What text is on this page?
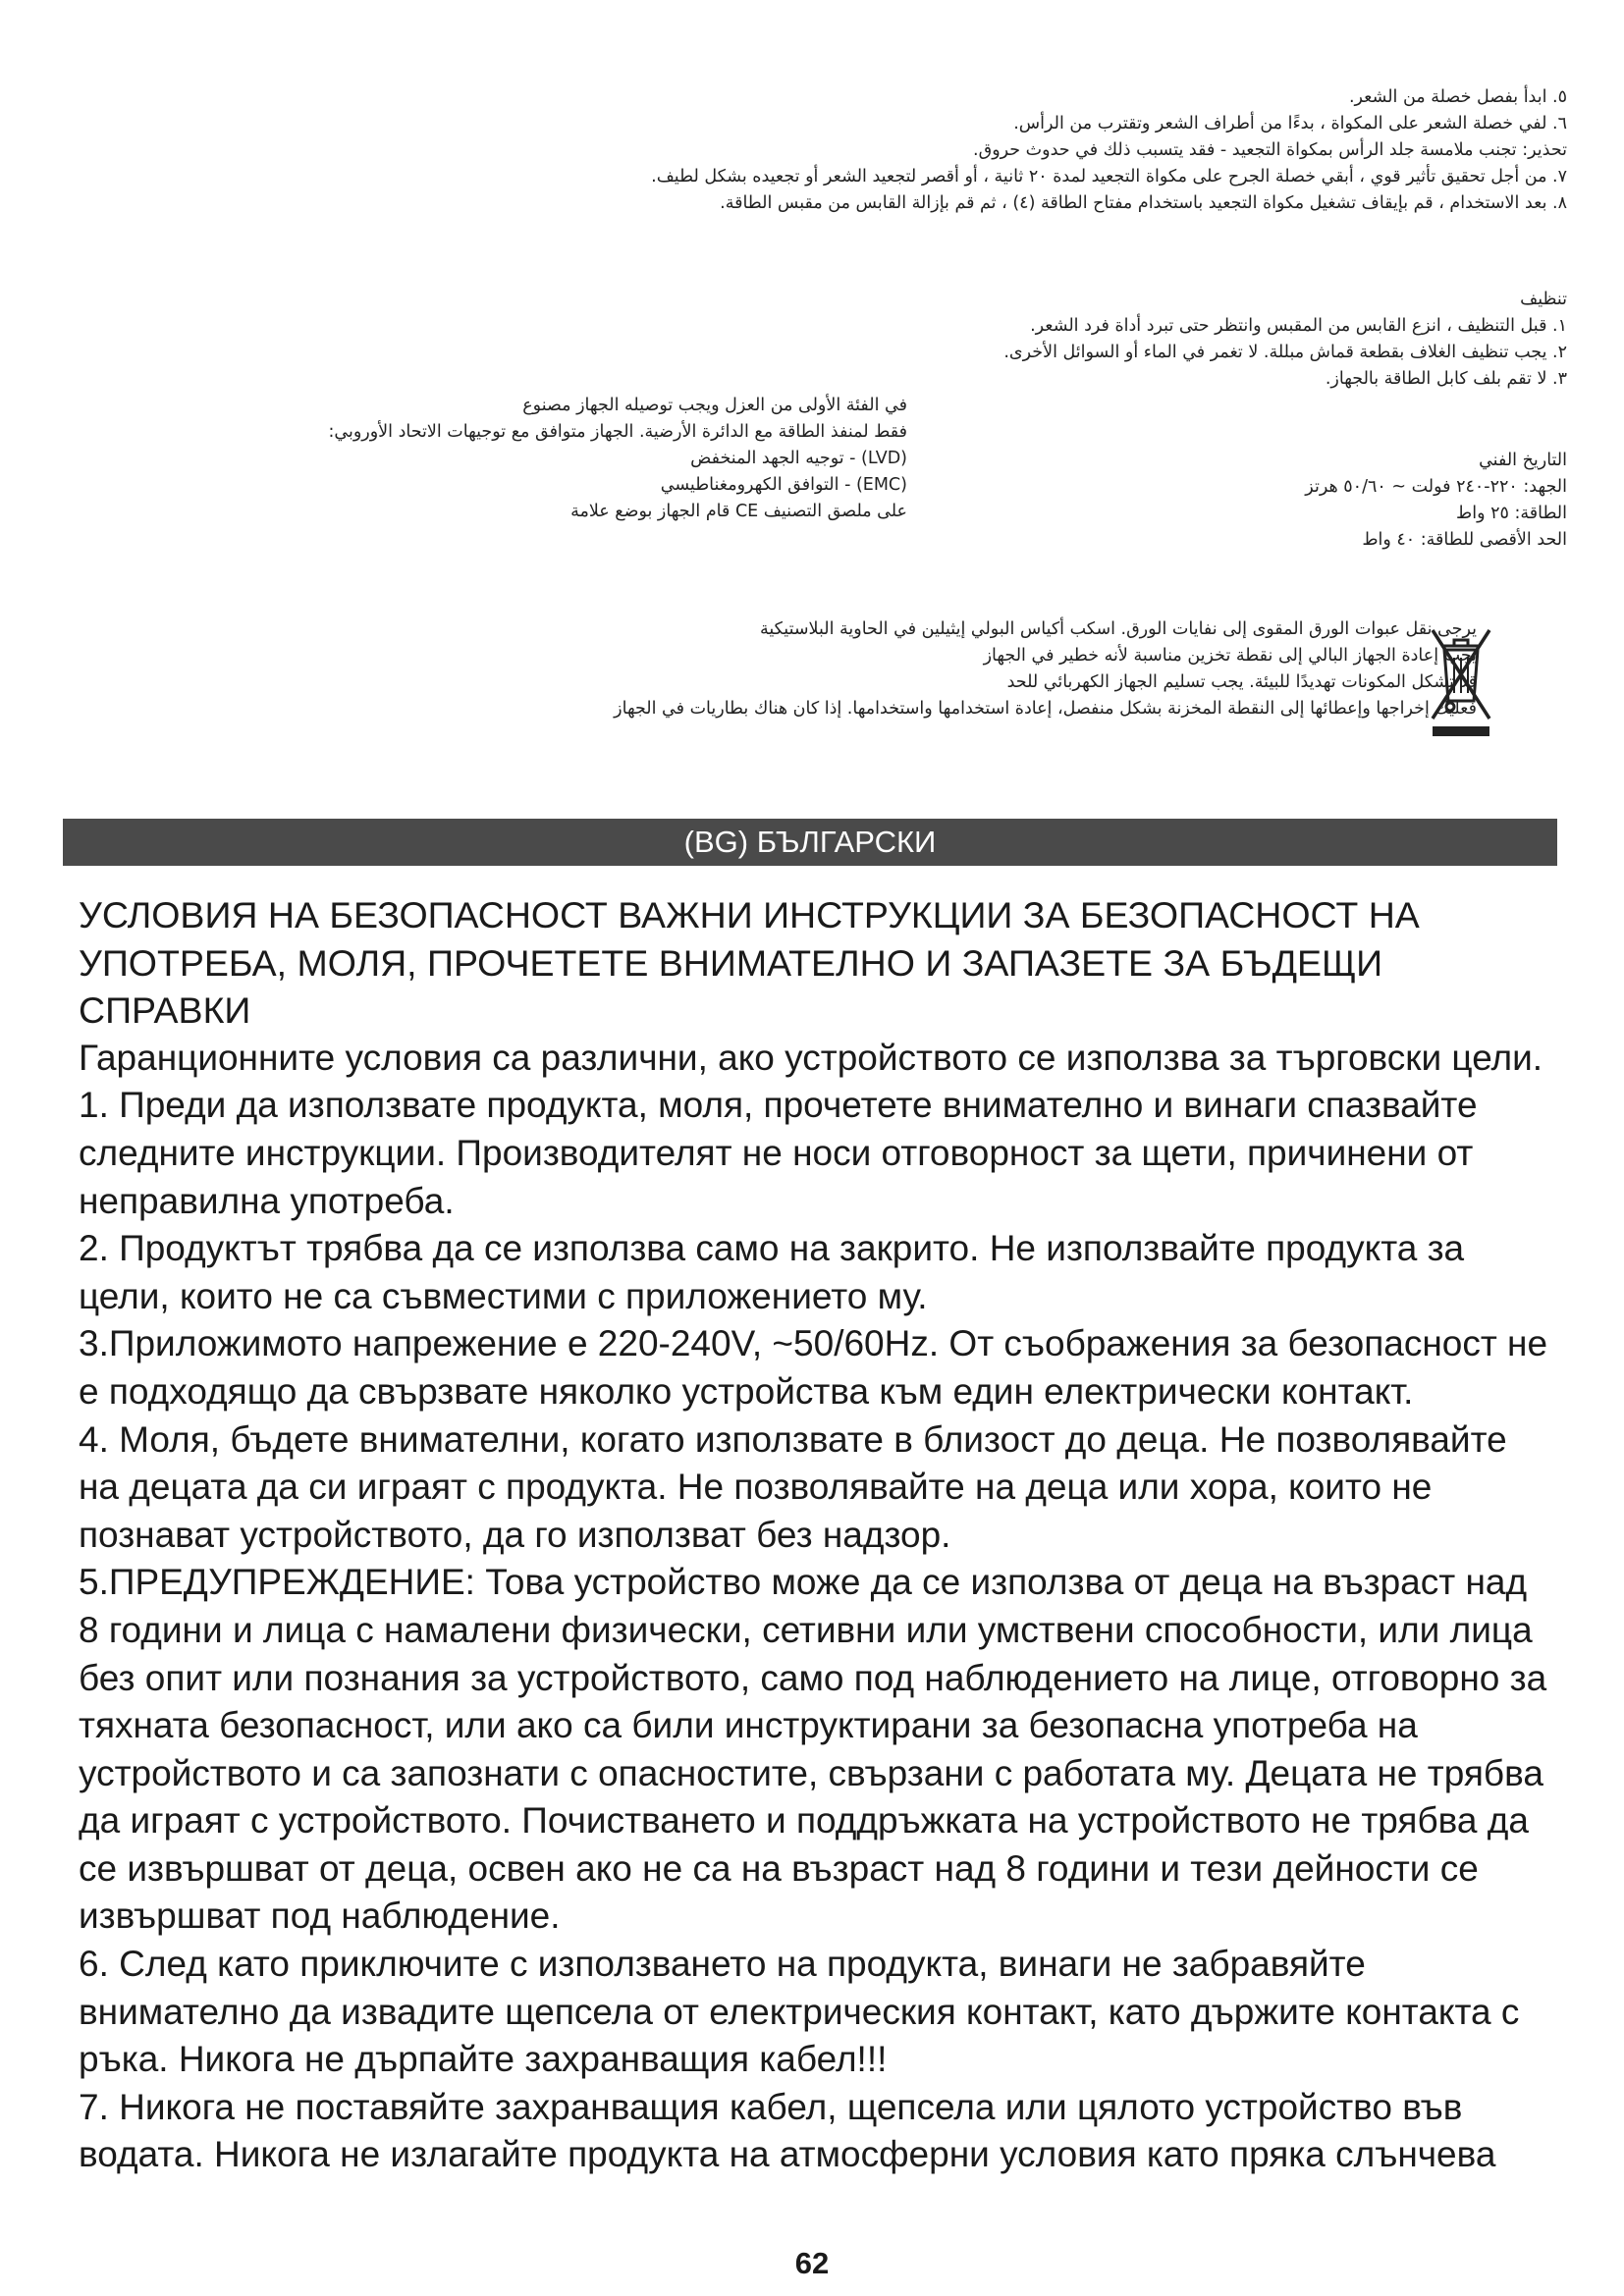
٥. ابدأ بفصل خصلة من الشعر.
٦. لفي خصلة الشعر على المكواة ، بدءًا من أطراف الشعر وتقترب من الرأس.
تحذير: تجنب ملامسة جلد الرأس بمكواة التجعيد - فقد يتسبب ذلك في حدوث حروق.
٧. من أجل تحقيق تأثير قوي ، أبقي خصلة الجرح على مكواة التجعيد لمدة ٢٠ ثانية ، أو أقصر لتجعيد الشعر أو تجعيده بشكل لطيف.
٨. بعد الاستخدام ، قم بإيقاف تشغيل مكواة التجعيد باستخدام مفتاح الطاقة (٤) ، ثم قم بإزالة القابس من مقبس الطاقة.
تنظيف
١. قبل التنظيف ، انزع القابس من المقبس وانتظر حتى تبرد أداة فرد الشعر.
٢. يجب تنظيف الغلاف بقطعة قماش مبللة. لا تغمر في الماء أو السوائل الأخرى.
٣. لا تقم بلف كابل الطاقة بالجهاز.
التاريخ الفني
الجهد: ٢٢٠-٢٤٠ فولت ~ ٥٠/٦٠ هرتز
الطاقة: ٢٥ واط
الحد الأقصى للطاقة: ٤٠ واط
في الفئة الأولى من العزل ويجب توصيله الجهاز مصنوع
فقط لمنفذ الطاقة مع الدائرة الأرضية. الجهاز متوافق مع توجيهات الاتحاد الأوروبي:
(LVD) - توجيه الجهد المنخفض
(EMC) - التوافق الكهرومغناطيسي
على ملصق التصنيف CE قام الجهاز بوضع علامة
يرجى نقل عبوات الورق المقوى إلى نفايات الورق. اسكب أكياس البولي إيثيلين في الحاوية البلاستيكية
يجب إعادة الجهاز البالي إلى نقطة تخزين مناسبة لأنه خطير في الجهاز
قد تشكل المكونات تهديدًا للبيئة. يجب تسليم الجهاز الكهربائي للحد
فعليك إخراجها وإعطائها إلى النقطة المخزنة بشكل منفصل، إعادة استخدامها واستخدامها. إذا كان هناك بطاريات في الجهاز
(BG) БЪЛГАРСКИ

УСЛОВИЯ НА БЕЗОПАСНОСТ ВАЖНИ ИНСТРУКЦИИ ЗА БЕЗОПАСНОСТ НА УПОТРЕБА, МОЛЯ, ПРОЧЕТЕТЕ ВНИМАТЕЛНО И ЗАПАЗЕТЕ ЗА БЪДЕЩИ СПРАВКИ

Гаранционните условия са различни, ако устройството се използва за търговски цели.

1. Преди да използвате продукта, моля, прочетете внимателно и винаги спазвайте следните инструкции. Производителят не носи отговорност за щети, причинени от неправилна употреба.

2. Продуктът трябва да се използва само на закрито. Не използвайте продукта за цели, които не са съвместими с приложението му.

3.Приложимото напрежение е 220-240V, ~50/60Hz. От съображения за безопасност не е подходящо да свързвате няколко устройства към един електрически контакт.

4. Моля, бъдете внимателни, когато използвате в близост до деца. Не позволявайте на децата да си играят с продукта. Не позволявайте на деца или хора, които не познават устройството, да го използват без надзор.

5.ПРЕДУПРЕЖДЕНИЕ: Това устройство може да се използва от деца на възраст над 8 години и лица с намалени физически, сетивни или умствени способности, или лица без опит или познания за устройството, само под наблюдението на лице, отговорно за тяхната безопасност, или ако са били инструктирани за безопасна употреба на устройството и са запознати с опасностите, свързани с работата му. Децата не трябва да играят с устройството. Почистването и поддръжката на устройството не трябва да се извършват от деца, освен ако не са на възраст над 8 години и тези дейности се извършват под наблюдение.

6. След като приключите с използването на продукта, винаги не забравяйте внимателно да извадите щепсела от електрическия контакт, като държите контакта с ръка. Никога не дърпайте захранващия кабел!!!

7. Никога не поставяйте захранващия кабел, щепсела или цялото устройство във водата. Никога не излагайте продукта на атмосферни условия като пряка слънчева

62
